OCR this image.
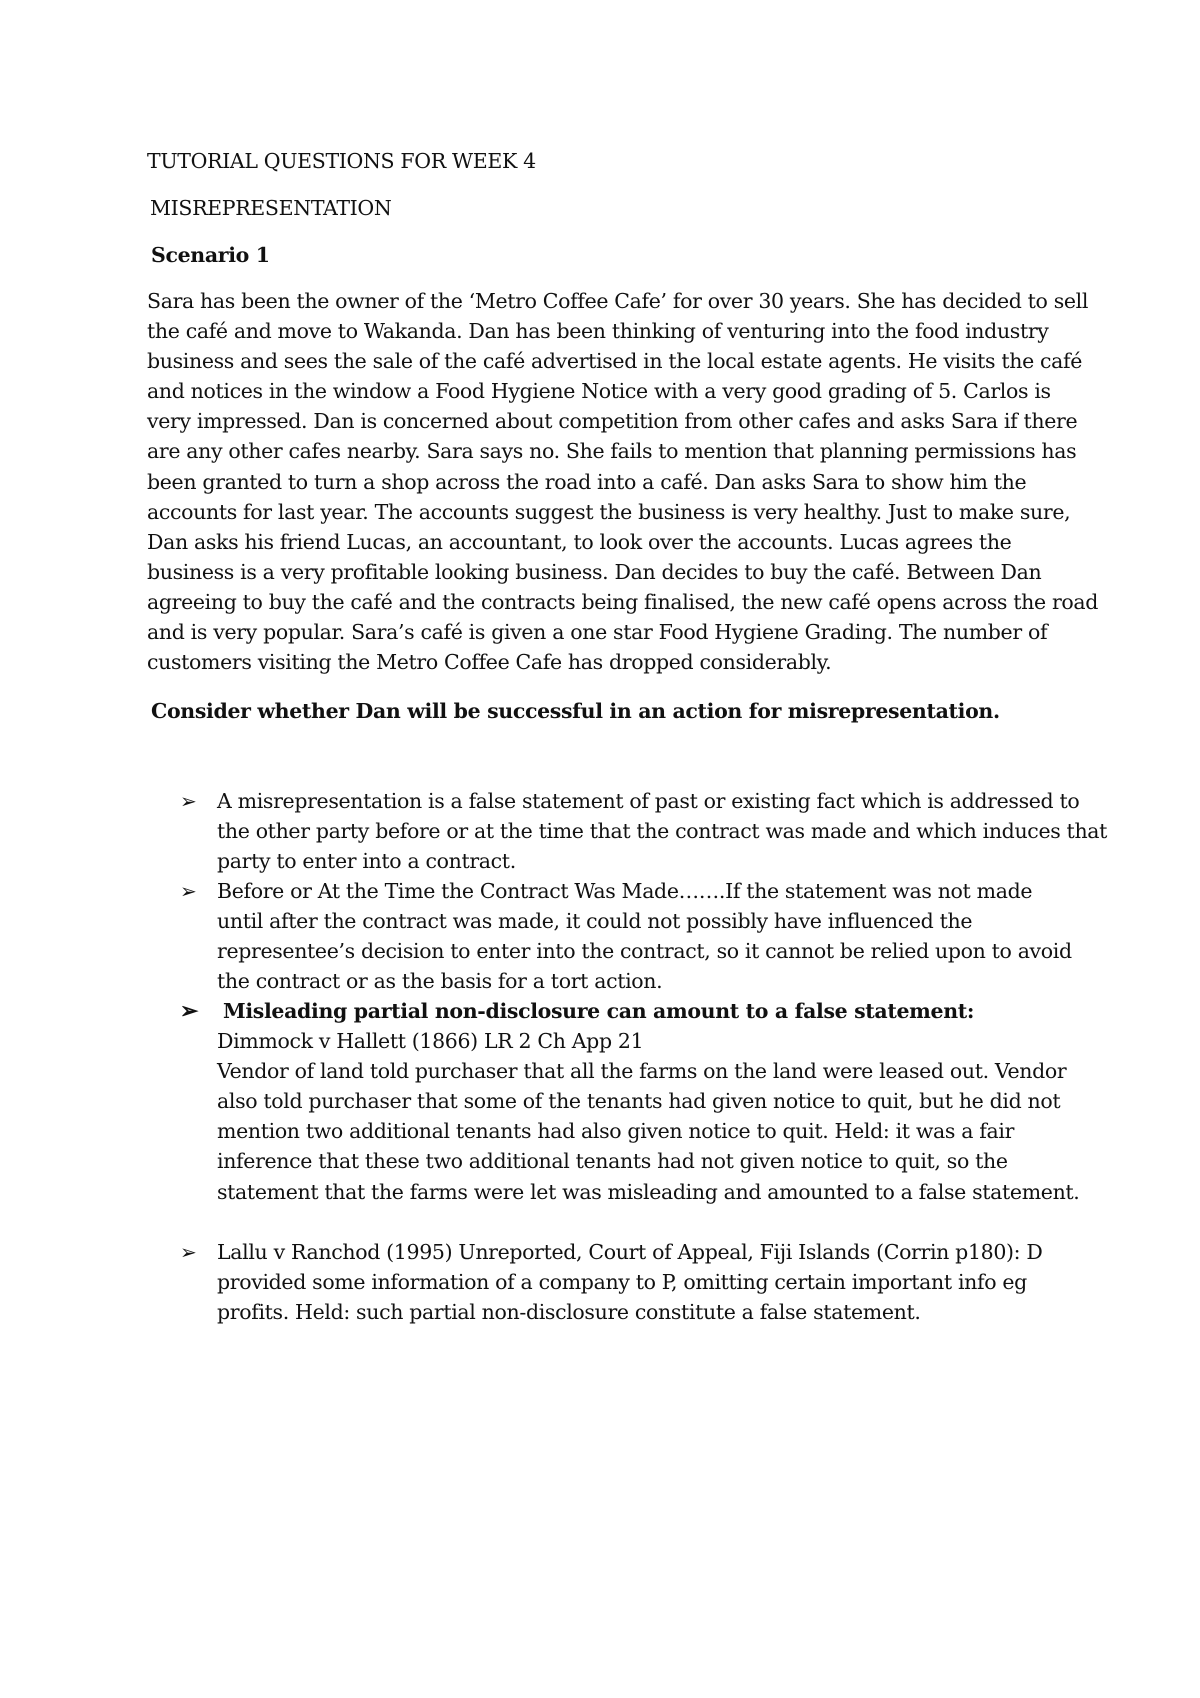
TUTORIAL QUESTIONS FOR WEEK 4
MISREPRESENTATION
Scenario 1
Sara has been the owner of the ‘Metro Coffee Cafe’ for over 30 years. She has decided to sell
the café and move to Wakanda. Dan has been thinking of venturing into the food industry
business and sees the sale of the café advertised in the local estate agents. He visits the café
and notices in the window a Food Hygiene Notice with a very good grading of 5. Carlos is
very impressed. Dan is concerned about competition from other cafes and asks Sara if there
are any other cafes nearby. Sara says no. She fails to mention that planning permissions has
been granted to turn a shop across the road into a café. Dan asks Sara to show him the
accounts for last year. The accounts suggest the business is very healthy. Just to make sure,
Dan asks his friend Lucas, an accountant, to look over the accounts. Lucas agrees the
business is a very profitable looking business. Dan decides to buy the café. Between Dan
agreeing to buy the café and the contracts being finalised, the new café opens across the road
and is very popular. Sara’s café is given a one star Food Hygiene Grading. The number of
customers visiting the Metro Coffee Cafe has dropped considerably.
Consider whether Dan will be successful in an action for misrepresentation.
➢ A misrepresentation is a false statement of past or existing fact which is addressed to
the other party before or at the time that the contract was made and which induces that
party to enter into a contract.
➢ Before or At the Time the Contract Was Made…….If the statement was not made
until after the contract was made, it could not possibly have influenced the
representee’s decision to enter into the contract, so it cannot be relied upon to avoid
the contract or as the basis for a tort action.
➢ Misleading partial non-disclosure can amount to a false statement:
Dimmock v Hallett (1866) LR 2 Ch App 21
Vendor of land told purchaser that all the farms on the land were leased out. Vendor
also told purchaser that some of the tenants had given notice to quit, but he did not
mention two additional tenants had also given notice to quit. Held: it was a fair
inference that these two additional tenants had not given notice to quit, so the
statement that the farms were let was misleading and amounted to a false statement.
➢ Lallu v Ranchod (1995) Unreported, Court of Appeal, Fiji Islands (Corrin p180): D
provided some information of a company to P, omitting certain important info eg
profits. Held: such partial non-disclosure constitute a false statement.
